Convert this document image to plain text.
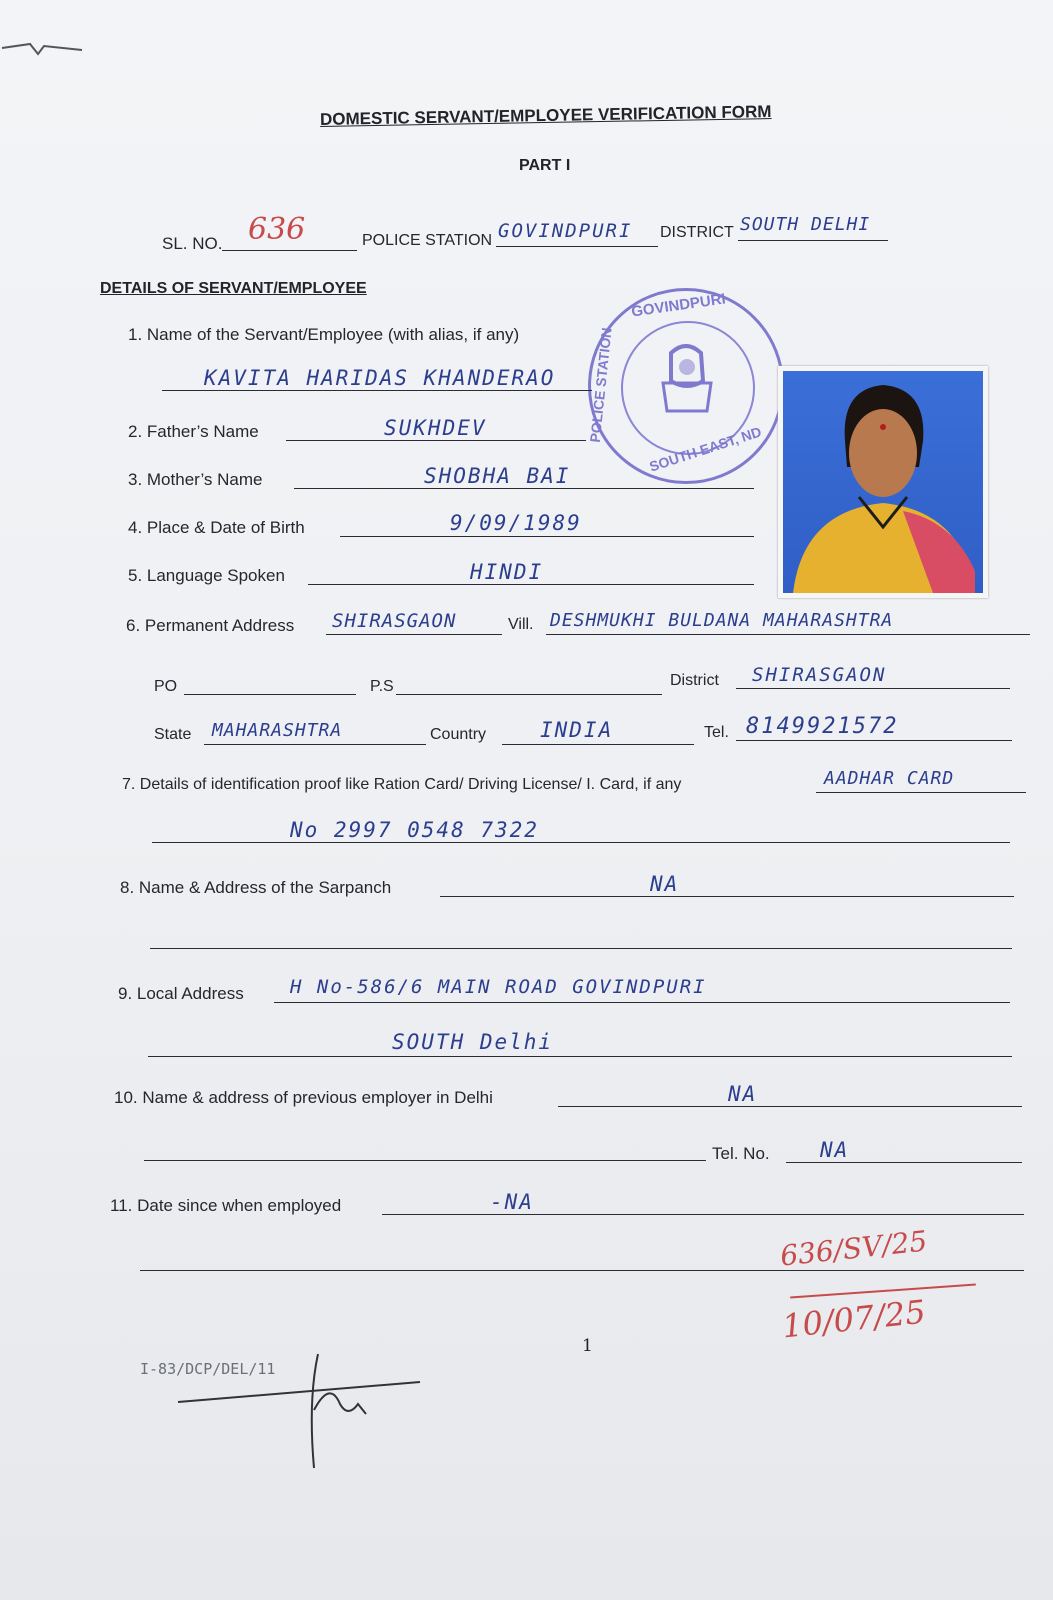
DOMESTIC SERVANT/EMPLOYEE VERIFICATION FORM
PART I
SL. NO. 636	POLICE STATION GOVINDPURI DISTRICT SOUTH DELHI
DETAILS OF SERVANT/EMPLOYEE
GOVINDPURI
POLICE STATION
SOUTH EAST, ND
1. Name of the Servant/Employee (with alias, if any)
KAVITA HARIDAS KHANDERAO
2. Father’s Name	SUKHDEV
3. Mother’s Name	SHOBHA BAI
4. Place & Date of Birth	9/09/1989
5. Language Spoken	HINDI
6. Permanent Address SHIRASGAON	Vill. DESHMUKHI BULDANA MAHARASHTRA
PO	P.S	District SHIRASGAON
State MAHARASHTRA	Country	INDIA	Tel. 8149921572
7. Details of identification proof like Ration Card/ Driving License/ I. Card, if any	AADHAR CARD
No 2997 0548 7322
8. Name & Address of the Sarpanch	NA
9. Local Address H No-586/6 MAIN ROAD GOVINDPURI
SOUTH Delhi
10. Name & address of previous employer in Delhi	NA
Tel. No. NA
11. Date since when employed	-NA
636/SV/25
10/07/25
1
I-83/DCP/DEL/11
